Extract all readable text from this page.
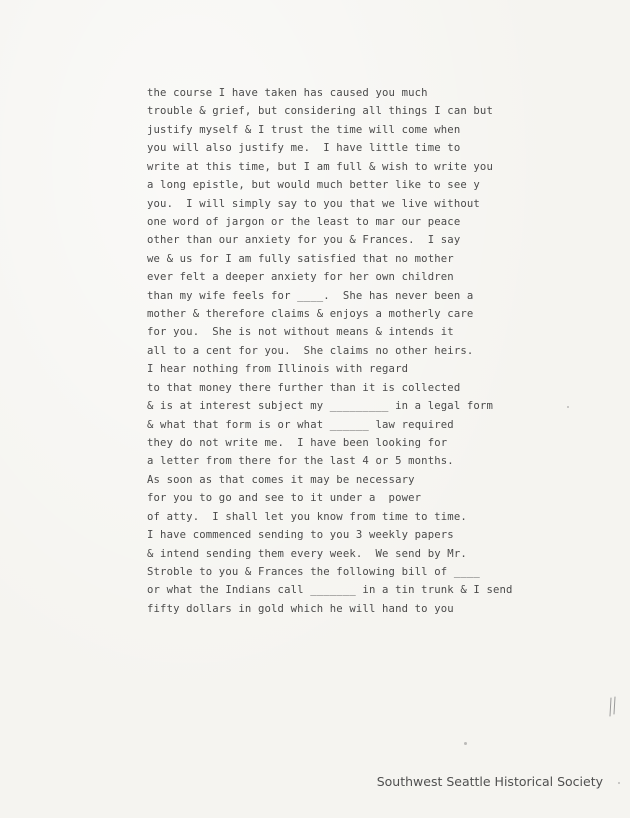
the course I have taken has caused you much
trouble & grief, but considering all things I can but
justify myself & I trust the time will come when
you will also justify me.  I have little time to
write at this time, but I am full & wish to write you
a long epistle, but would much better like to see y
you.  I will simply say to you that we live without
one word of jargon or the least to mar our peace
other than our anxiety for you & Frances.  I say
we & us for I am fully satisfied that no mother
ever felt a deeper anxiety for her own children
than my wife feels for ____.  She has never been a
mother & therefore claims & enjoys a motherly care
for you.  She is not without means & intends it
all to a cent for you.  She claims no other heirs.
I hear nothing from Illinois with regard
to that money there further than it is collected
& is at interest subject my _________ in a legal form
& what that form is or what ______ law required
they do not write me.  I have been looking for
a letter from there for the last 4 or 5 months.
As soon as that comes it may be necessary
for you to go and see to it under a  power
of atty.  I shall let you know from time to time.
I have commenced sending to you 3 weekly papers
& intend sending them every week.  We send by Mr.
Stroble to you & Frances the following bill of ____
or what the Indians call _______ in a tin trunk & I send
fifty dollars in gold which he will hand to you
Southwest Seattle Historical Society
